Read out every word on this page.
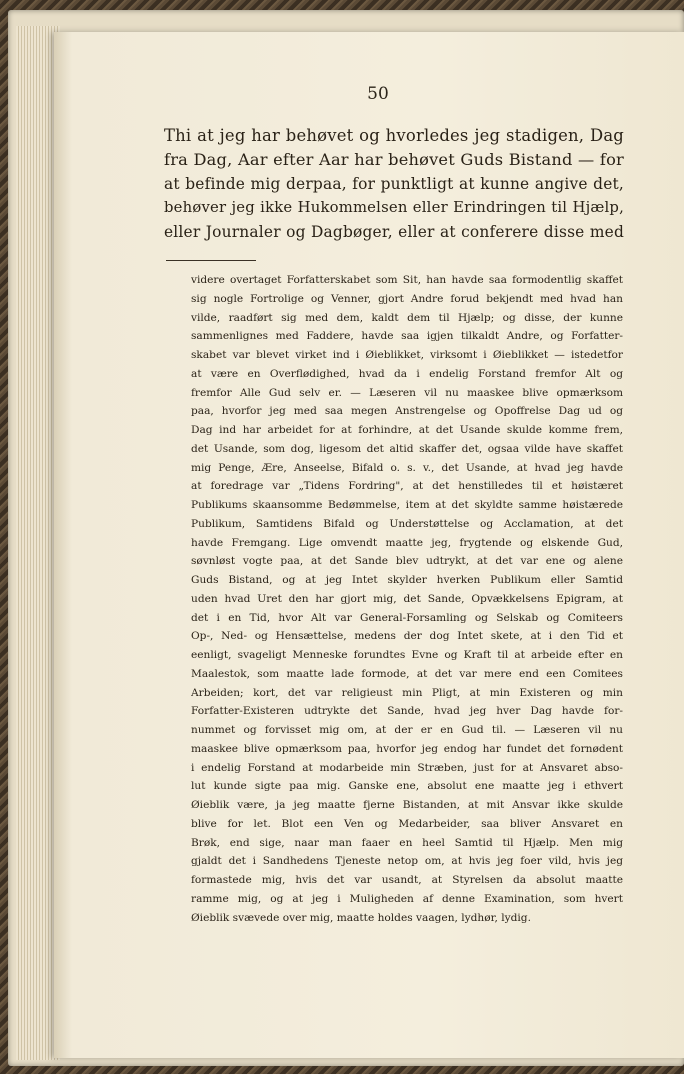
50
Thi at jeg har behøvet og hvorledes jeg stadigen, Dag
fra Dag, Aar efter Aar har behøvet Guds Bistand — for
at befinde mig derpaa, for punktligt at kunne angive det,
behøver jeg ikke Hukommelsen eller Erindringen til Hjælp,
eller Journaler og Dagbøger, eller at conferere disse med
videre overtaget Forfatterskabet som Sit, han havde saa formodentlig skaffet
sig nogle Fortrolige og Venner, gjort Andre forud bekjendt med hvad han
vilde, raadført sig med dem, kaldt dem til Hjælp; og disse, der kunne
sammenlignes med Faddere, havde saa igjen tilkaldt Andre, og Forfatter-
skabet var blevet virket ind i Øieblikket, virksomt i Øieblikket — istedetfor
at være en Overflødighed, hvad da i endelig Forstand fremfor Alt og
fremfor Alle Gud selv er. — Læseren vil nu maaskee blive opmærksom
paa, hvorfor jeg med saa megen Anstrengelse og Opoffrelse Dag ud og
Dag ind har arbeidet for at forhindre, at det Usande skulde komme frem,
det Usande, som dog, ligesom det altid skaffer det, ogsaa vilde have skaffet
mig Penge, Ære, Anseelse, Bifald o. s. v., det Usande, at hvad jeg havde
at foredrage var „Tidens Fordring", at det henstilledes til et høistæret
Publikums skaansomme Bedømmelse, item at det skyldte samme høistærede
Publikum, Samtidens Bifald og Understøttelse og Acclamation, at det
havde Fremgang. Lige omvendt maatte jeg, frygtende og elskende Gud,
søvnløst vogte paa, at det Sande blev udtrykt, at det var ene og alene
Guds Bistand, og at jeg Intet skylder hverken Publikum eller Samtid
uden hvad Uret den har gjort mig, det Sande, Opvækkelsens Epigram, at
det i en Tid, hvor Alt var General-Forsamling og Selskab og Comiteers
Op-, Ned- og Hensættelse, medens der dog Intet skete, at i den Tid et
eenligt, svageligt Menneske forundtes Evne og Kraft til at arbeide efter en
Maalestok, som maatte lade formode, at det var mere end een Comitees
Arbeiden; kort, det var religieust min Pligt, at min Existeren og min
Forfatter-Existeren udtrykte det Sande, hvad jeg hver Dag havde for-
nummet og forvisset mig om, at der er en Gud til. — Læseren vil nu
maaskee blive opmærksom paa, hvorfor jeg endog har fundet det fornødent
i endelig Forstand at modarbeide min Stræben, just for at Ansvaret abso-
lut kunde sigte paa mig. Ganske ene, absolut ene maatte jeg i ethvert
Øieblik være, ja jeg maatte fjerne Bistanden, at mit Ansvar ikke skulde
blive for let. Blot een Ven og Medarbeider, saa bliver Ansvaret en
Brøk, end sige, naar man faaer en heel Samtid til Hjælp. Men mig
gjaldt det i Sandhedens Tjeneste netop om, at hvis jeg foer vild, hvis jeg
formastede mig, hvis det var usandt, at Styrelsen da absolut maatte
ramme mig, og at jeg i Muligheden af denne Examination, som hvert
Øieblik svævede over mig, maatte holdes vaagen, lydhør, lydig.
